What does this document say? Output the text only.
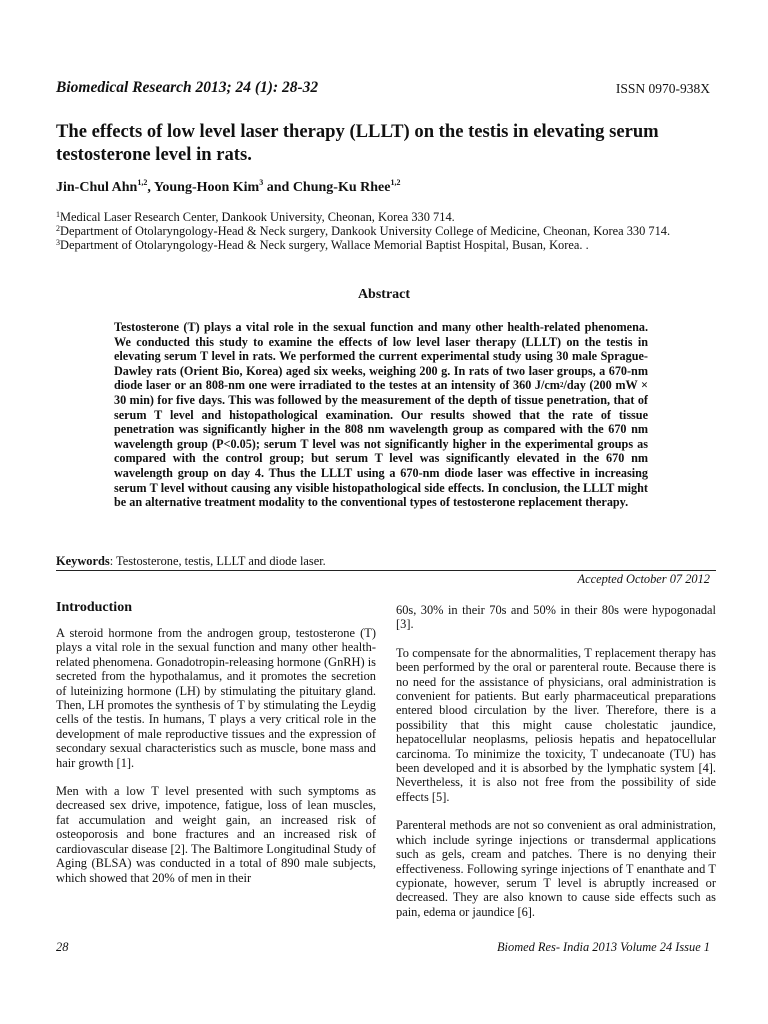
Biomedical Research 2013; 24 (1): 28-32	ISSN 0970-938X
The effects of low level laser therapy (LLLT) on the testis in elevating serum testosterone level in rats.
Jin-Chul Ahn$^{1,2}$, Young-Hoon Kim$^3$ and Chung-Ku Rhee$^{1,2}$

$^1$Medical Laser Research Center, Dankook University, Cheonan, Korea 330 714.

$^2$Department of Otolaryngology-Head & Neck surgery, Dankook University College of Medicine, Cheonan, Korea 330 714.

$^3$Department of Otolaryngology-Head & Neck surgery, Wallace Memorial Baptist Hospital, Busan, Korea. .

Abstract
Testosterone (T) plays a vital role in the sexual function and many other health-related phenomena. We conducted this study to examine the effects of low level laser therapy (LLLT) on the testis in elevating serum T level in rats. We performed the current experimental study using 30 male Sprague-Dawley rats (Orient Bio, Korea) aged six weeks, weighing 200 g. In rats of two laser groups, a 670-nm diode laser or an 808-nm one were irradiated to the testes at an intensity of 360 $J/cm^2$/day (200 mW × 30 min) for five days. This was followed by the measurement of the depth of tissue penetration, that of serum T level and histopathological examination. Our results showed that the rate of tissue penetration was significantly higher in the 808 nm wavelength group as compared with the 670 nm wavelength group (P<0.05); serum T level was not significantly higher in the experimental groups as compared with the control group; but serum T level was significantly elevated in the 670 nm wavelength group on day 4. Thus the LLLT using a 670-nm diode laser was effective in increasing serum T level without causing any visible histopathological side effects. In conclusion, the LLLT might be an alternative treatment modality to the conventional types of testosterone replacement therapy.
Keywords: Testosterone, testis, LLLT and diode laser.
Accepted October 07 2012
Introduction

A steroid hormone from the androgen group, testosterone (T) plays a vital role in the sexual function and many other health-related phenomena. Gonadotropin-releasing hormone (GnRH) is secreted from the hypothalamus, and it promotes the secretion of luteinizing hormone (LH) by stimulating the pituitary gland. Then, LH promotes the synthesis of T by stimulating the Leydig cells of the testis. In humans, T plays a very critical role in the development of male reproductive tissues and the expression of secondary sexual characteristics such as muscle, bone mass and hair growth [1].

Men with a low T level presented with such symptoms as decreased sex drive, impotence, fatigue, loss of lean muscles, fat accumulation and weight gain, an increased risk of osteoporosis and bone fractures and an increased risk of cardiovascular disease [2]. The Baltimore Longitudinal Study of Aging (BLSA) was conducted in a total of 890 male subjects, which showed that 20% of men in their

60s, 30% in their 70s and 50% in their 80s were hypogonadal [3].

To compensate for the abnormalities, T replacement therapy has been performed by the oral or parenteral route. Because there is no need for the assistance of physicians, oral administration is convenient for patients. But early pharmaceutical preparations entered blood circulation by the liver. Therefore, there is a possibility that this might cause cholestatic jaundice, hepatocellular neoplasms, peliosis hepatis and hepatocellular carcinoma. To minimize the toxicity, T undecanoate (TU) has been developed and it is absorbed by the lymphatic system [4]. Nevertheless, it is also not free from the possibility of side effects [5].

Parenteral methods are not so convenient as oral administration, which include syringe injections or transdermal applications such as gels, cream and patches. There is no denying their effectiveness. Following syringe injections of T enanthate and T cypionate, however, serum T level is abruptly increased or decreased. They are also known to cause side effects such as pain, edema or jaundice [6].

28	Biomed Res- India 2013 Volume 24 Issue 1
